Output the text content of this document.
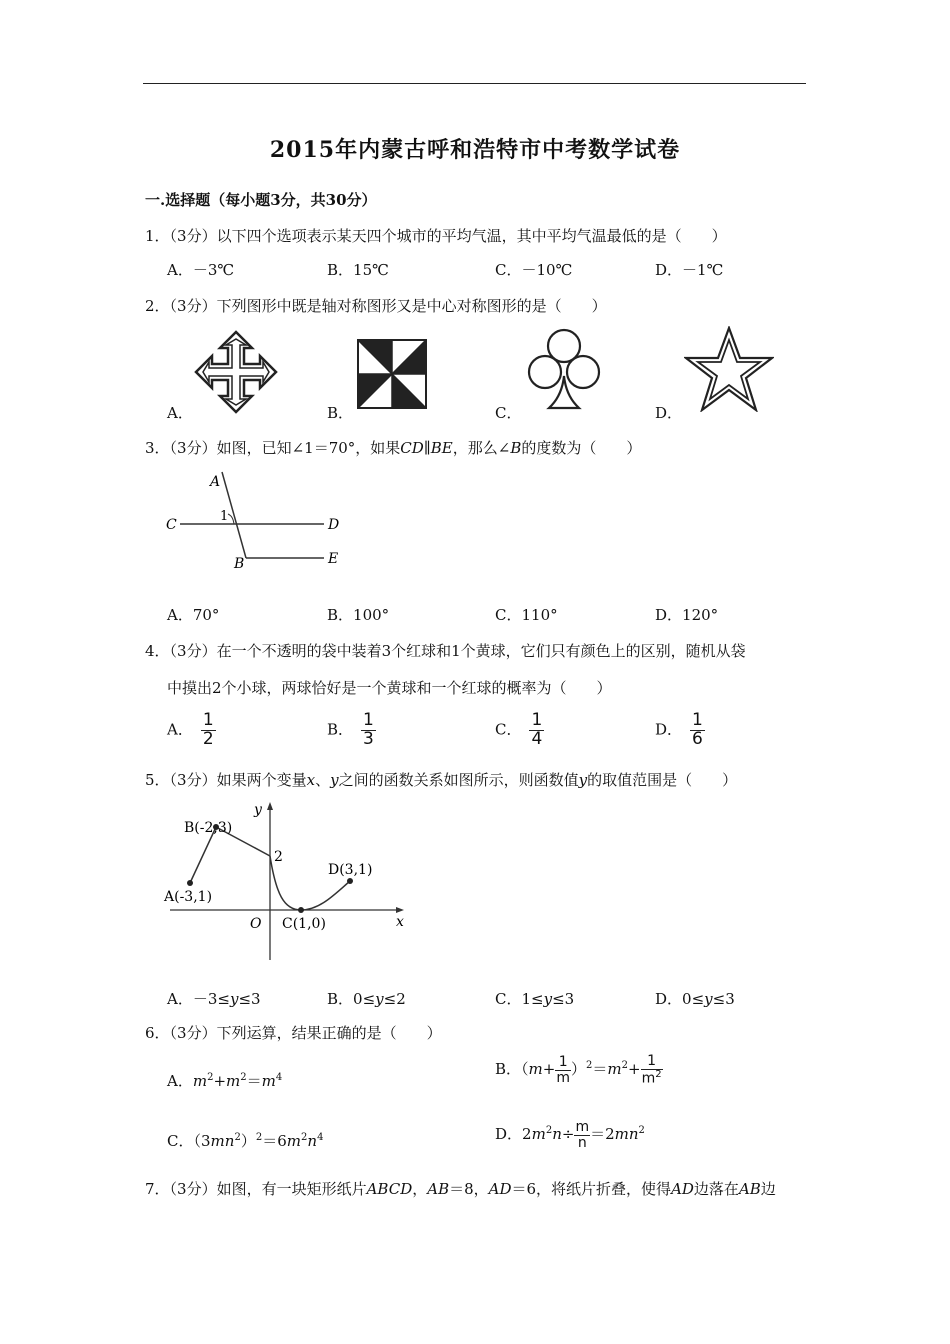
2015年内蒙古呼和浩特市中考数学试卷
一.选择题（每小题3分，共30分）
1．（3分）以下四个选项表示某天四个城市的平均气温，其中平均气温最低的是（　　）
A．－3℃	B．15℃	C．－10℃	D．－1℃
2．（3分）下列图形中既是轴对称图形又是中心对称图形的是（　　）
A．	B．	C．	D．
3．（3分）如图，已知∠1＝70°，如果CD∥BE，那么∠B的度数为（　　）
A
C	D
B	E
1
A．70°	B．100°	C．110°	D．120°
4．（3分）在一个不透明的袋中装着3个红球和1个黄球，它们只有颜色上的区别，随机从袋
中摸出2个小球，两球恰好是一个黄球和一个红球的概率为（　　）
A． $\frac{1}{2}$	B． $\frac{1}{3}$	C． $\frac{1}{4}$	D． $\frac{1}{6}$
5．（3分）如果两个变量x、y之间的函数关系如图所示，则函数值y的取值范围是（　　）
B(-2,3)
A(-3,1)
2
D(3,1)
C(1,0)
O	x
y
A．－3≤y≤3	B．0≤y≤2	C．1≤y≤3	D．0≤y≤3
6．（3分）下列运算，结果正确的是（　　）
A．$m^2+m^2=m^4$	B．$(m+ \frac{1}{m} )^2=m^2+ \frac{1}{m^2}$
C．$(3mn^2)^2=6m^2n^4$	D．$2m^2n\div \frac{m}{n} =2mn^2$
7．（3分）如图，有一块矩形纸片ABCD，AB＝8，AD＝6，将纸片折叠，使得AD边落在AB边
